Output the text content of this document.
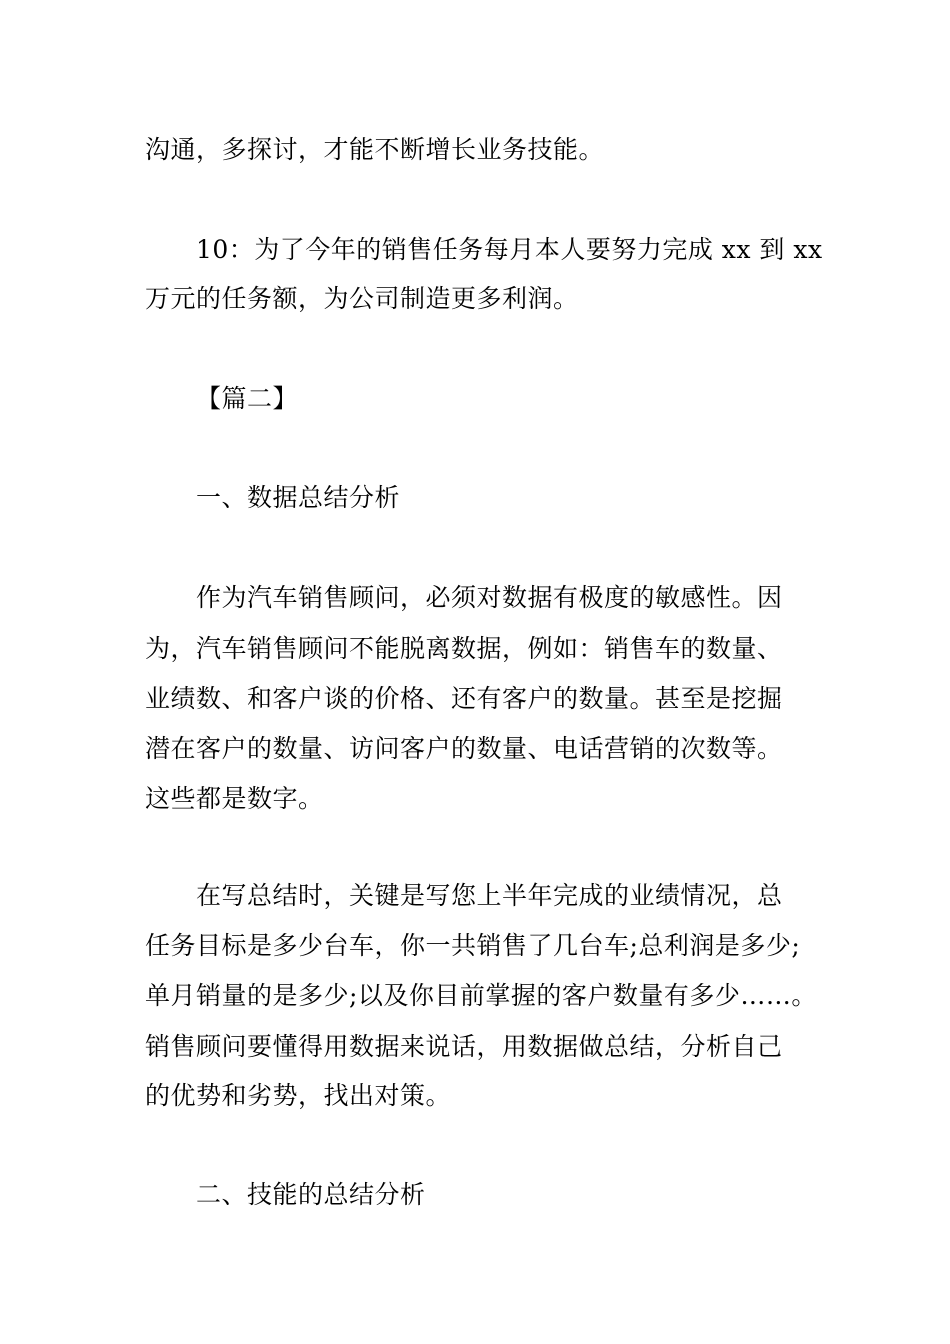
沟通，多探讨，才能不断增长业务技能。
10：为了今年的销售任务每月本人要努力完成 xx 到 xx
万元的任务额，为公司制造更多利润。
【篇二】
一、数据总结分析
作为汽车销售顾问，必须对数据有极度的敏感性。因
为，汽车销售顾问不能脱离数据，例如：销售车的数量、
业绩数、和客户谈的价格、还有客户的数量。甚至是挖掘
潜在客户的数量、访问客户的数量、电话营销的次数等。
这些都是数字。
在写总结时，关键是写您上半年完成的业绩情况，总
任务目标是多少台车，你一共销售了几台车;总利润是多少;
单月销量的是多少;以及你目前掌握的客户数量有多少……。
销售顾问要懂得用数据来说话，用数据做总结，分析自己
的优势和劣势，找出对策。
二、技能的总结分析
